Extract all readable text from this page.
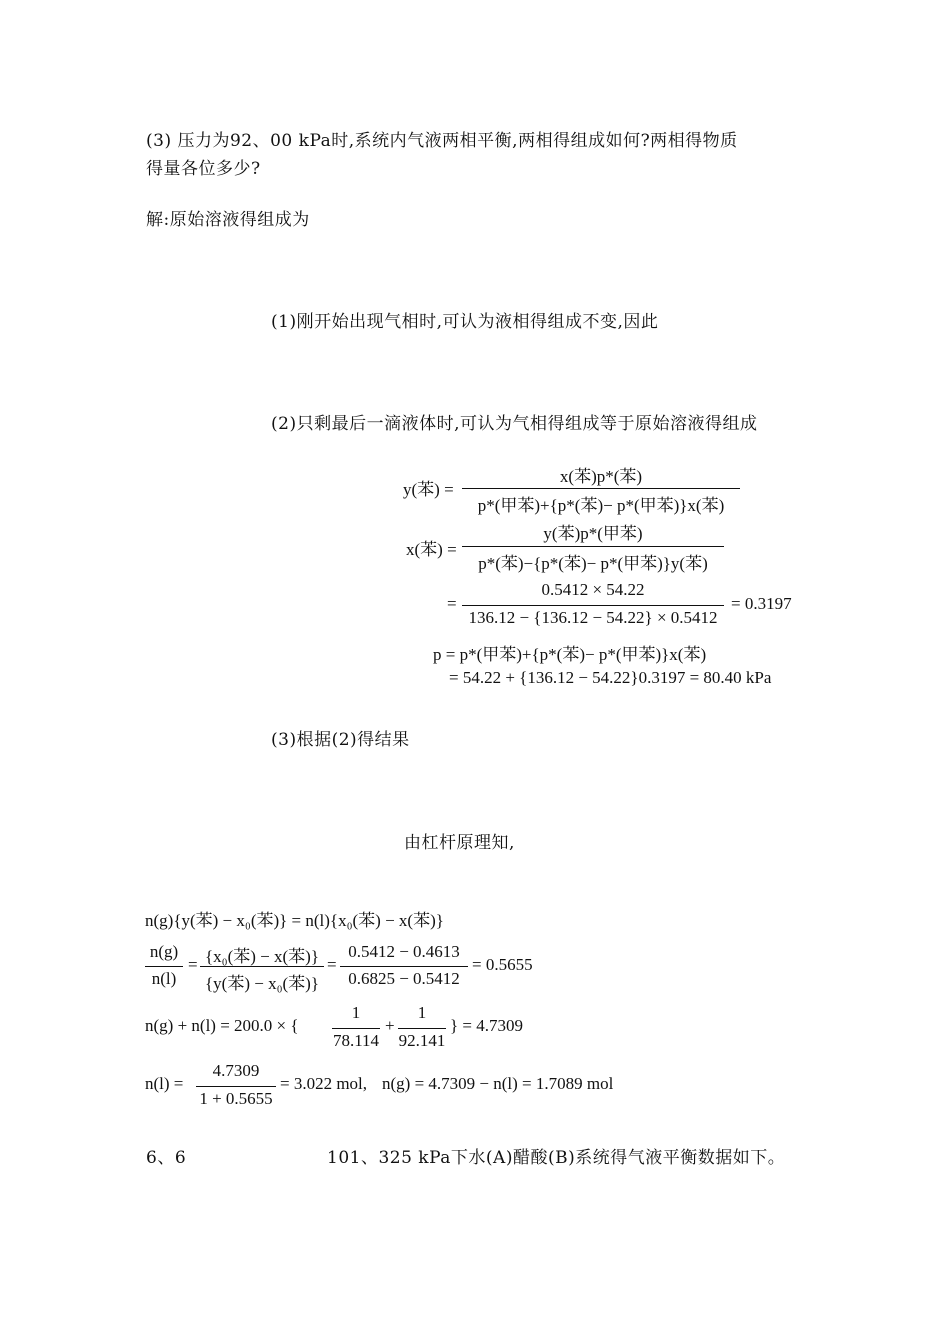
(3) 压力为92、00 kPa时,系统内气液两相平衡,两相得组成如何?两相得物质
得量各位多少?
解:原始溶液得组成为
(1)刚开始出现气相时,可认为液相得组成不变,因此
(2)只剩最后一滴液体时,可认为气相得组成等于原始溶液得组成
y(苯) =
x(苯)p*(苯)
p*(甲苯)+{p*(苯)− p*(甲苯)}x(苯)
x(苯) =
y(苯)p*(甲苯)
p*(苯)−{p*(苯)− p*(甲苯)}y(苯)
=
0.5412 × 54.22
136.12 − {136.12 − 54.22} × 0.5412
= 0.3197
p = p*(甲苯)+{p*(苯)− p*(甲苯)}x(苯)
= 54.22 + {136.12 − 54.22}0.3197 = 80.40 kPa
(3)根据(2)得结果
由杠杆原理知,
n(g){y(苯) − x₀(苯)} = n(l){x₀(苯) − x(苯)}
n(g)
n(l)
= {x₀(苯) − x(苯)}
{y(苯) − x₀(苯)}
=
0.5412 − 0.4613
0.6825 − 0.5412
= 0.5655
n(g) + n(l) = 200.0 × {
1
78.114
+
1
92.141
} = 4.7309
n(l) =
4.7309
1 + 0.5655
= 3.022 mol, n(g) = 4.7309 − n(l) = 1.7089 mol
6、6	101、325 kPa下水(A)醋酸(B)系统得气液平衡数据如下。
